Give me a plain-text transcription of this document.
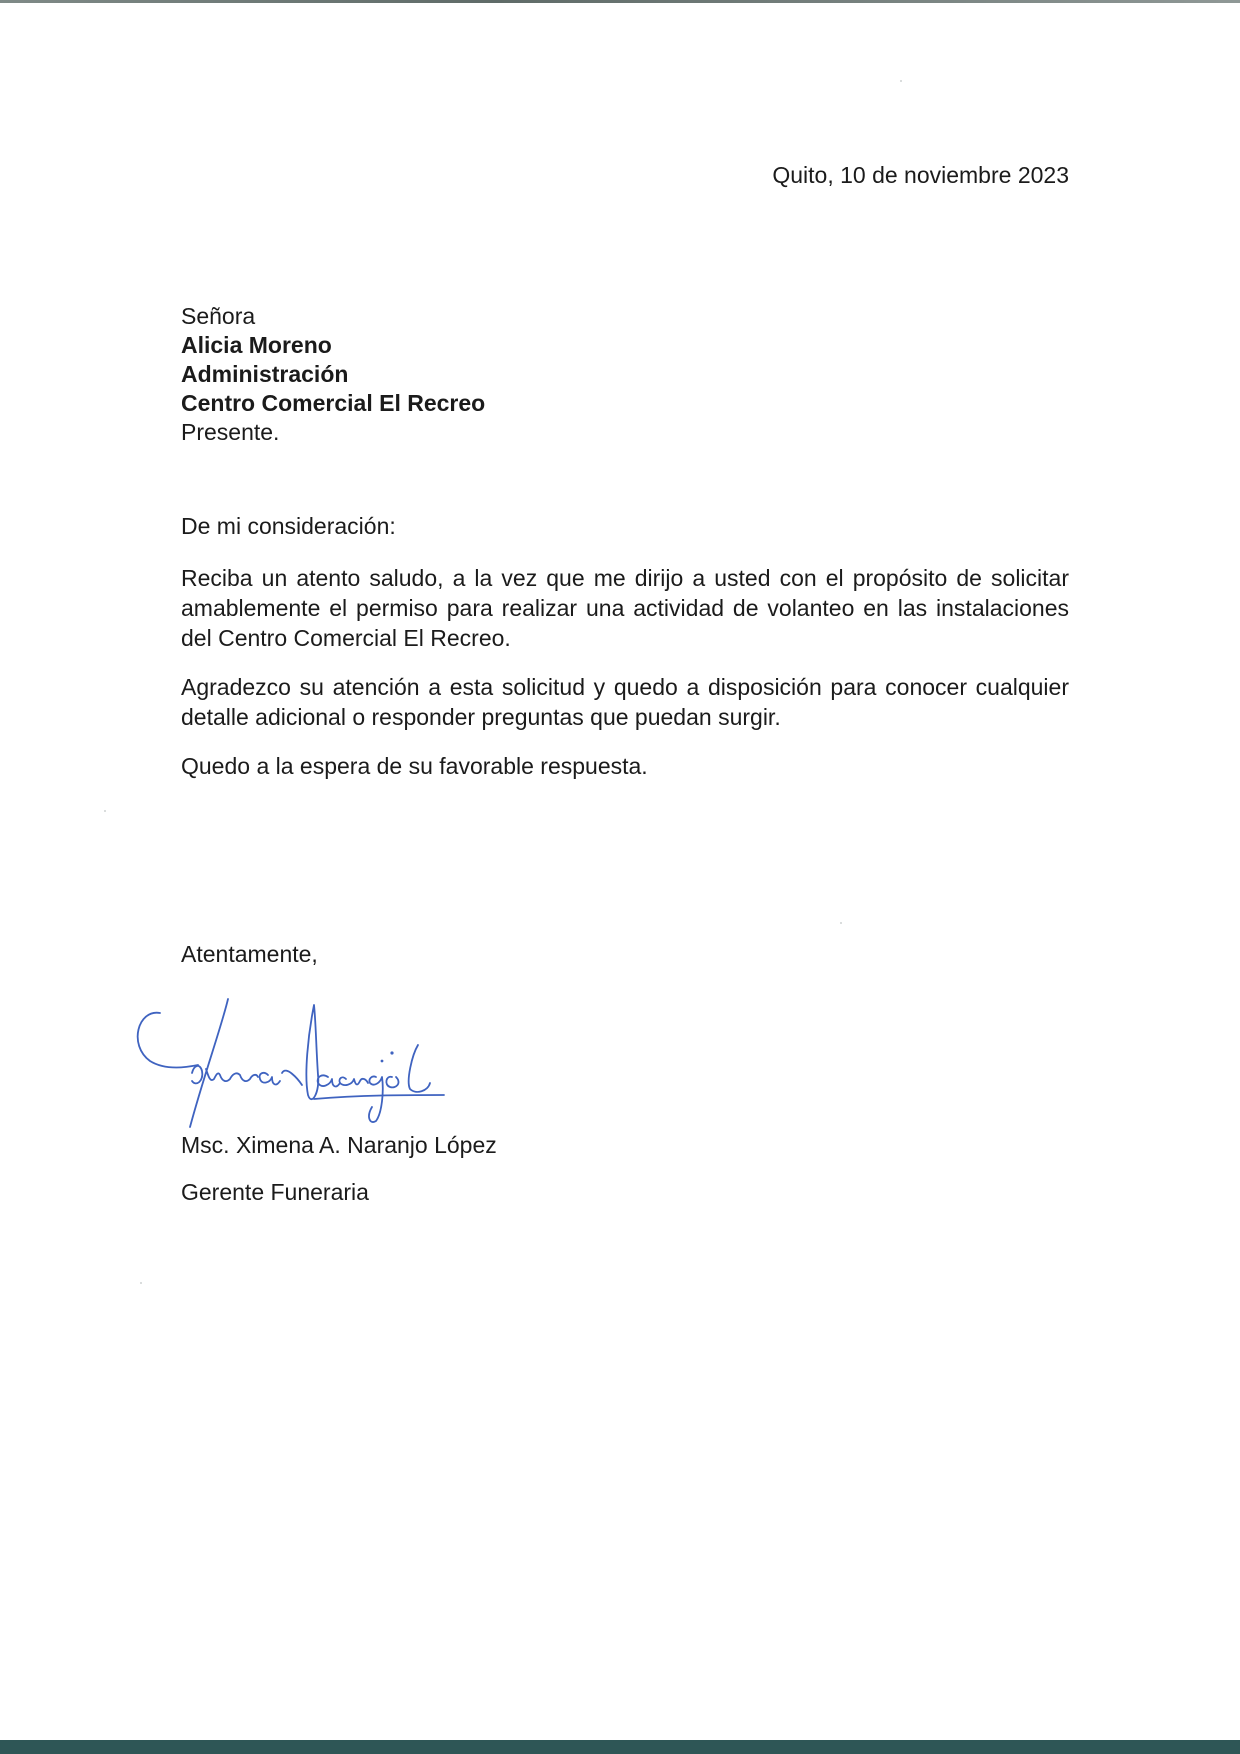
Quito, 10 de noviembre 2023
Señora
Alicia Moreno
Administración
Centro Comercial El Recreo
Presente.
De mi consideración:

Reciba un atento saludo, a la vez que me dirijo a usted con el propósito de solicitar amablemente el permiso para realizar una actividad de volanteo en las instalaciones del Centro Comercial El Recreo.

Agradezco su atención a esta solicitud y quedo a disposición para conocer cualquier detalle adicional o responder preguntas que puedan surgir.

Quedo a la espera de su favorable respuesta.

Atentamente,
Msc. Ximena A. Naranjo López
Gerente Funeraria
